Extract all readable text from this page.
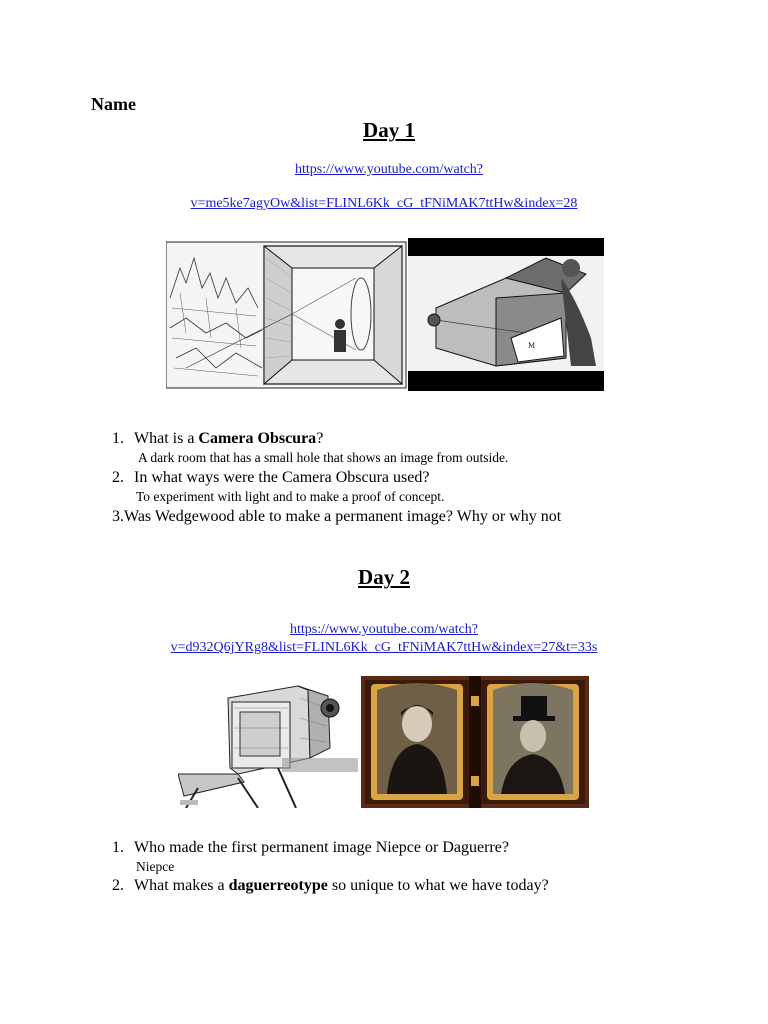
Name
Day 1
https://www.youtube.com/watch?
v=me5ke7agyOw&list=FLINL6Kk_cG_tFNiMAK7ttHw&index=28
M
1. What is a Camera Obscura?
A dark room that has a small hole that shows an image from outside.
2. In what ways were the Camera Obscura used?
To experiment with light and to make a proof of concept.
3.Was Wedgewood able to make a permanent image? Why or why not
Day 2
https://www.youtube.com/watch?
v=d932Q6jYRg8&list=FLINL6Kk_cG_tFNiMAK7ttHw&index=27&t=33s
1. Who made the first permanent image Niepce or Daguerre?
Niepce
2. What makes a daguerreotype so unique to what we have today?
